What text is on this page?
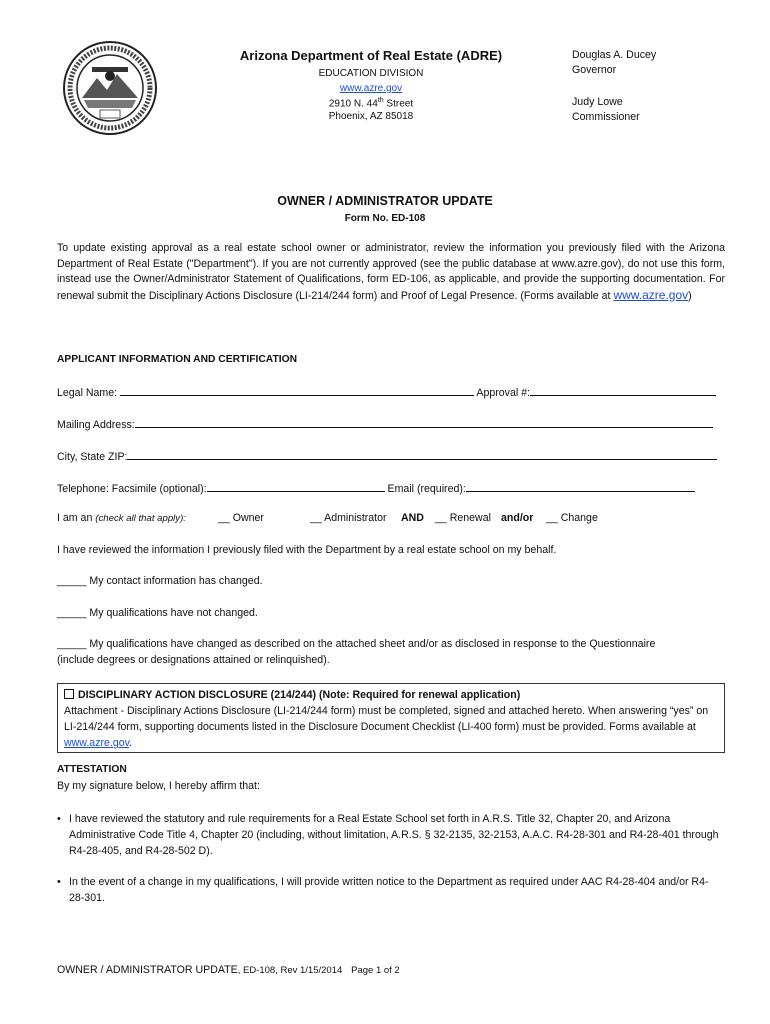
Arizona Department of Real Estate (ADRE)
EDUCATION DIVISION
www.azre.gov
2910 N. 44th Street
Phoenix, AZ 85018
Douglas A. Ducey
Governor
Judy Lowe
Commissioner
OWNER / ADMINISTRATOR UPDATE
Form No. ED-108
To update existing approval as a real estate school owner or administrator, review the information you previously filed with the Arizona Department of Real Estate ("Department"). If you are not currently approved (see the public database at www.azre.gov), do not use this form, instead use the Owner/Administrator Statement of Qualifications, form ED-106, as applicable, and provide the supporting documentation. For renewal submit the Disciplinary Actions Disclosure (LI-214/244 form) and Proof of Legal Presence. (Forms available at www.azre.gov)
APPLICANT INFORMATION AND CERTIFICATION
Legal Name:	Approval #:
Mailing Address:
City, State ZIP:
Telephone: Facsimile (optional):	Email (required):
I am an (check all that apply):	__ Owner	__ Administrator AND __ Renewal and/or __ Change
I have reviewed the information I previously filed with the Department by a real estate school on my behalf.
_____ My contact information has changed.
_____ My qualifications have not changed.
_____ My qualifications have changed as described on the attached sheet and/or as disclosed in response to the Questionnaire
(include degrees or designations attained or relinquished).
DISCIPLINARY ACTION DISCLOSURE (214/244) (Note: Required for renewal application)
Attachment - Disciplinary Actions Disclosure (LI-214/244 form) must be completed, signed and attached hereto. When answering “yes” on LI-214/244 form, supporting documents listed in the Disclosure Document Checklist (LI-400 form) must be provided. Forms available at www.azre.gov.
ATTESTATION
By my signature below, I hereby affirm that:
• I have reviewed the statutory and rule requirements for a Real Estate School set forth in A.R.S. Title 32, Chapter 20, and Arizona Administrative Code Title 4, Chapter 20 (including, without limitation, A.R.S. § 32-2135, 32-2153, A.A.C. R4-28-301 and R4-28-401 through R4-28-405, and R4-28-502 D).
• In the event of a change in my qualifications, I will provide written notice to the Department as required under AAC R4-28-404 and/or R4-28-301.
OWNER / ADMINISTRATOR UPDATE, ED-108, Rev 1/15/2014 Page 1 of 2
